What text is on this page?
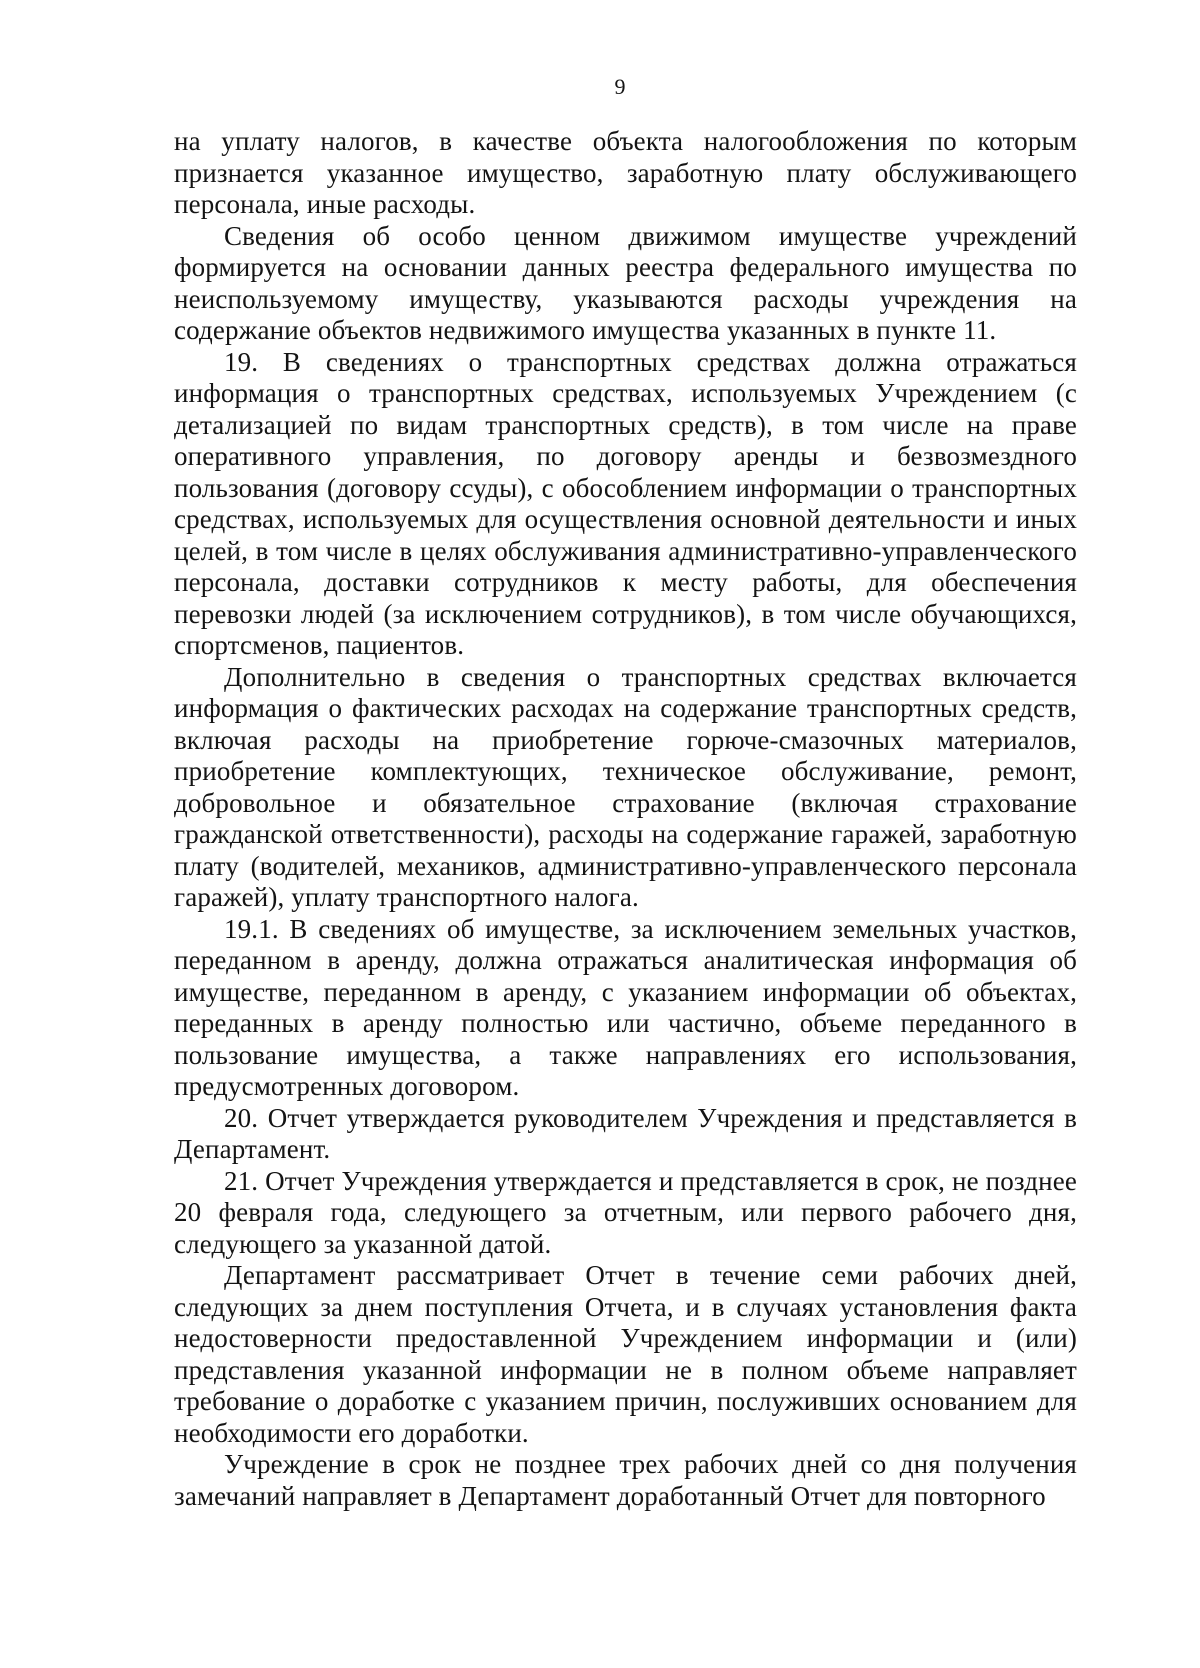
9

на уплату налогов, в качестве объекта налогообложения по которым признается указанное имущество, заработную плату обслуживающего персонала, иные расходы.

Сведения об особо ценном движимом имуществе учреждений формируется на основании данных реестра федерального имущества по неиспользуемому имуществу, указываются расходы учреждения на содержание объектов недвижимого имущества указанных в пункте 11.

19. В сведениях о транспортных средствах должна отражаться информация о транспортных средствах, используемых Учреждением (с детализацией по видам транспортных средств), в том числе на праве оперативного управления, по договору аренды и безвозмездного пользования (договору ссуды), с обособлением информации о транспортных средствах, используемых для осуществления основной деятельности и иных целей, в том числе в целях обслуживания административно-управленческого персонала, доставки сотрудников к месту работы, для обеспечения перевозки людей (за исключением сотрудников), в том числе обучающихся, спортсменов, пациентов.

Дополнительно в сведения о транспортных средствах включается информация о фактических расходах на содержание транспортных средств, включая расходы на приобретение горюче-смазочных материалов, приобретение комплектующих, техническое обслуживание, ремонт, добровольное и обязательное страхование (включая страхование гражданской ответственности), расходы на содержание гаражей, заработную плату (водителей, механиков, административно-управленческого персонала гаражей), уплату транспортного налога.

19.1. В сведениях об имуществе, за исключением земельных участков, переданном в аренду, должна отражаться аналитическая информация об имуществе, переданном в аренду, с указанием информации об объектах, переданных в аренду полностью или частично, объеме переданного в пользование имущества, а также направлениях его использования, предусмотренных договором.

20. Отчет утверждается руководителем Учреждения и представляется в Департамент.

21. Отчет Учреждения утверждается и представляется в срок, не позднее 20 февраля года, следующего за отчетным, или первого рабочего дня, следующего за указанной датой.

Департамент рассматривает Отчет в течение семи рабочих дней, следующих за днем поступления Отчета, и в случаях установления факта недостоверности предоставленной Учреждением информации и (или) представления указанной информации не в полном объеме направляет требование о доработке с указанием причин, послуживших основанием для необходимости его доработки.

Учреждение в срок не позднее трех рабочих дней со дня получения замечаний направляет в Департамент доработанный Отчет для повторного
